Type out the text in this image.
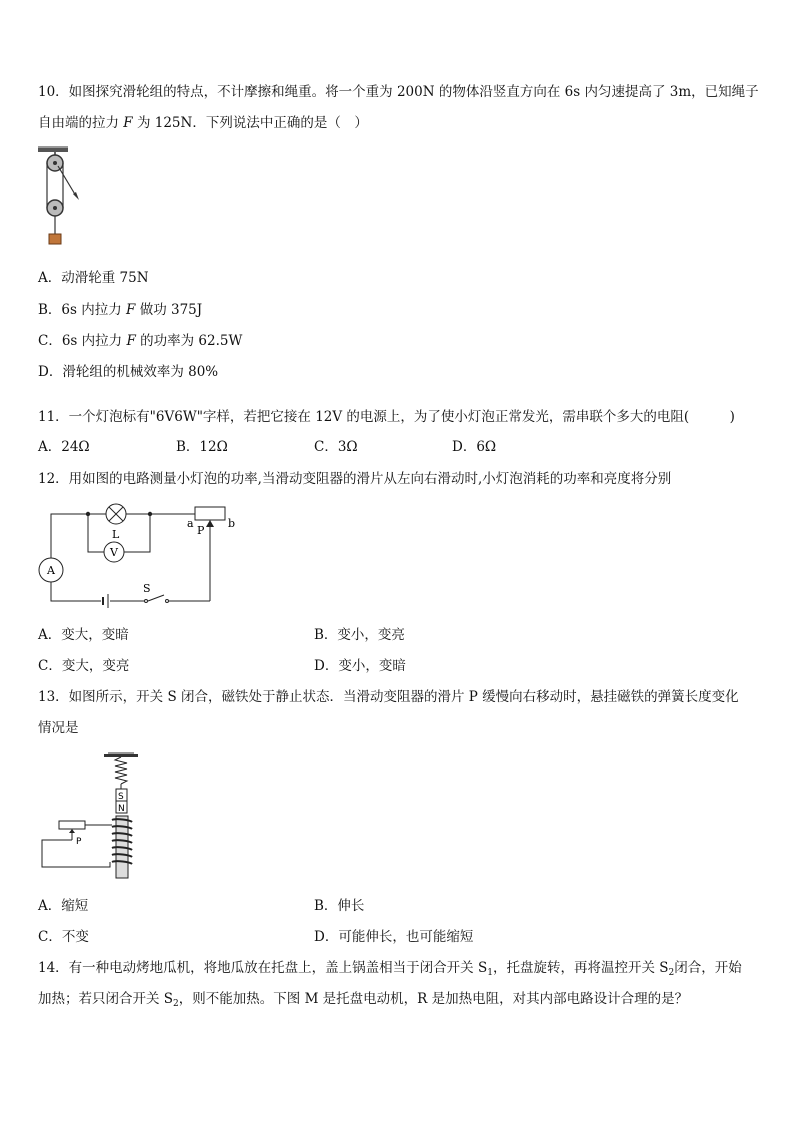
10．如图探究滑轮组的特点，不计摩擦和绳重。将一个重为 200N 的物体沿竖直方向在 6s 内匀速提高了 3m，已知绳子
自由端的拉力 F 为 125N．下列说法中正确的是（　）
A．动滑轮重 75N
B．6s 内拉力 F 做功 375J
C．6s 内拉力 F 的功率为 62.5W
D．滑轮组的机械效率为 80%
11．一个灯泡标有"6V6W"字样，若把它接在 12V 的电源上，为了使小灯泡正常发光，需串联个多大的电阻(　　　)
A．24Ω	B．12Ω	C．3Ω	D．6Ω
12．用如图的电路测量小灯泡的功率,当滑动变阻器的滑片从左向右滑动时,小灯泡消耗的功率和亮度将分别
L
V
a	b
P
S
A
A．变大，变暗	B．变小，变亮
C．变大，变亮	D．变小，变暗
13．如图所示，开关 S 闭合，磁铁处于静止状态．当滑动变阻器的滑片 P 缓慢向右移动时，悬挂磁铁的弹簧长度变化
情况是
S
N
P
A．缩短	B．伸长
C．不变	D．可能伸长，也可能缩短
14．有一种电动烤地瓜机，将地瓜放在托盘上，盖上锅盖相当于闭合开关 $S_1$，托盘旋转，再将温控开关 $S_2$闭合，开始
加热；若只闭合开关 $S_2$，则不能加热。下图 M 是托盘电动机，R 是加热电阻，对其内部电路设计合理的是？
